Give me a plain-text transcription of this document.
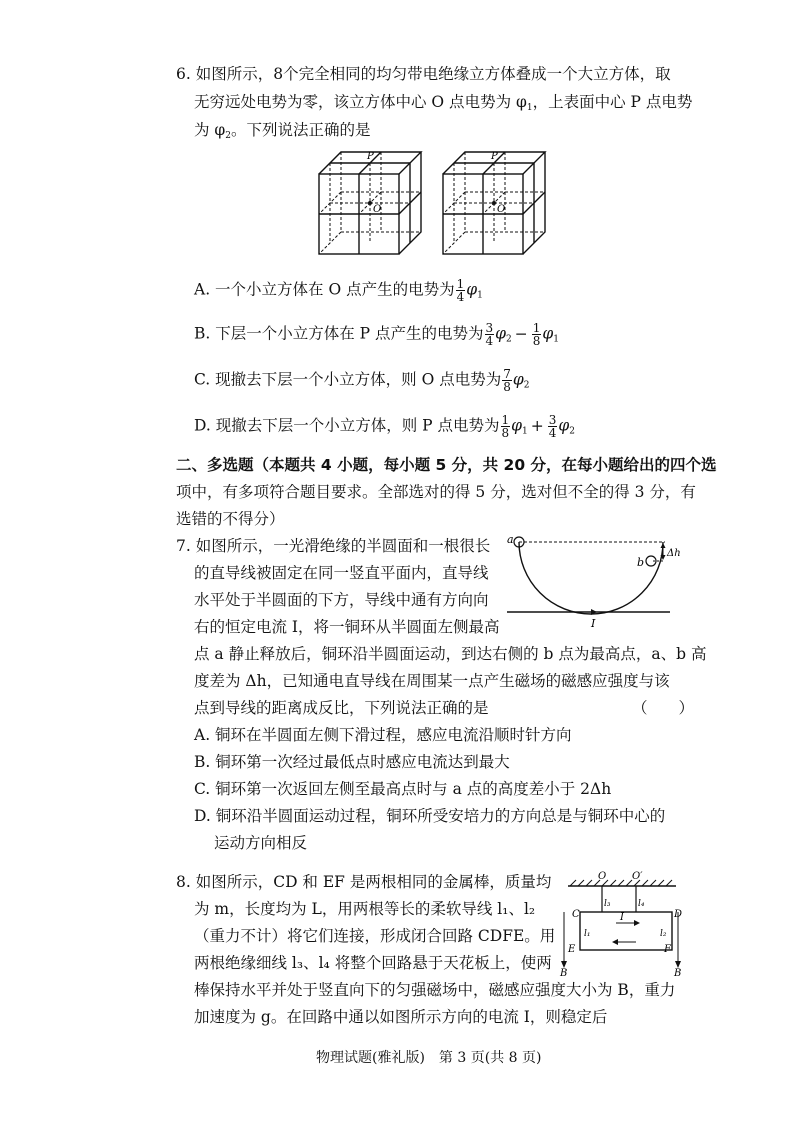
6. 如图所示，8个完全相同的均匀带电绝缘立方体叠成一个大立方体，取
无穷远处电势为零，该立方体中心 O 点电势为 $\varphi_1$，上表面中心 P 点电势
为 $\varphi_2$。下列说法正确的是
P	P
O	O
A. 一个小立方体在 O 点产生的电势为 $\frac{1}{4} \varphi_1$
B. 下层一个小立方体在 P 点产生的电势为 $\frac{3}{4} \varphi_2 - \frac{1}{8} \varphi_1$
C. 现撤去下层一个小立方体，则 O 点电势为 $\frac{7}{8} \varphi_2$
D. 现撤去下层一个小立方体，则 P 点电势为 $\frac{1}{8} \varphi_1 + \frac{3}{4} \varphi_2$
二、多选题（本题共 4 小题，每小题 5 分，共 20 分，在每小题给出的四个选
项中，有多项符合题目要求。全部选对的得 5 分，选对但不全的得 3 分，有
选错的不得分）
7. 如图所示，一光滑绝缘的半圆面和一根很长
的直导线被固定在同一竖直平面内，直导线
水平处于半圆面的下方，导线中通有方向向
右的恒定电流 I，将一铜环从半圆面左侧最高
点 a 静止释放后，铜环沿半圆面运动，到达右侧的 b 点为最高点，a、b 高
度差为 Δh，已知通电直导线在周围某一点产生磁场的磁感应强度与该
点到导线的距离成反比，下列说法正确的是	（　　）
A. 铜环在半圆面左侧下滑过程，感应电流沿顺时针方向
B. 铜环第一次经过最低点时感应电流达到最大
C. 铜环第一次返回左侧至最高点时与 a 点的高度差小于 2Δh
D. 铜环沿半圆面运动过程，铜环所受安培力的方向总是与铜环中心的
运动方向相反
a
b
Δh
I
8. 如图所示，CD 和 EF 是两根相同的金属棒，质量均
为 m，长度均为 L，用两根等长的柔软导线 l₁、l₂
（重力不计）将它们连接，形成闭合回路 CDFE。用
两根绝缘细线 l₃、l₄ 将整个回路悬于天花板上，使两
棒保持水平并处于竖直向下的匀强磁场中，磁感应强度大小为 B，重力
加速度为 g。在回路中通以如图所示方向的电流 I，则稳定后
O	O′
C	D
E	F
l₃	l₄
l₁	l₂
I
B	B
物理试题(雅礼版)　第 3 页(共 8 页)
